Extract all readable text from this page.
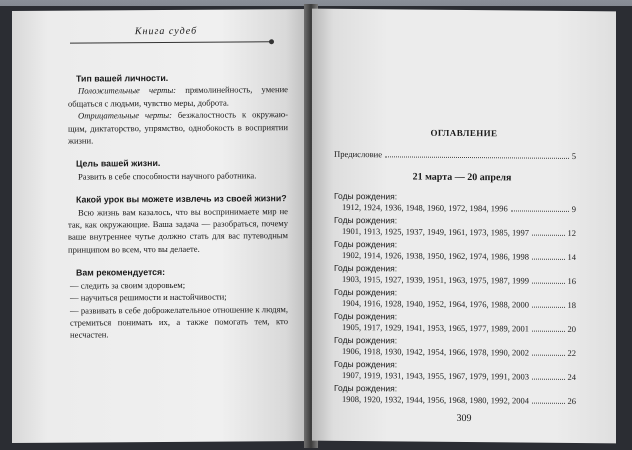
Книга судеб

Тип вашей личности.

Положительные черты: прямолинейность, умение общаться с людьми, чувство меры, доброта.

Отрицательные черты: безжалостность к окружающим, диктаторство, упрямство, однобокость в восприятии жизни.

Цель вашей жизни.

Развить в себе способности научного работника.

Какой урок вы можете извлечь из своей жизни?

Всю жизнь вам казалось, что вы воспринимаете мир не так, как окружающие. Ваша задача — разобраться, почему ваше внутреннее чутье должно стать для вас путеводным принципом во всем, что вы делаете.

Вам рекомендуется:

— следить за своим здоровьем;

— научиться решимости и настойчивости;

— развивать в себе доброжелательное отношение к людям, стремиться понимать их, а также помогать тем, кто несчастен.

ОГЛАВЛЕНИЕ
Предисловие	5
21 марта — 20 апреля
Годы рождения:
1912, 1924, 1936, 1948, 1960, 1972, 1984, 1996	9
Годы рождения:
1901, 1913, 1925, 1937, 1949, 1961, 1973, 1985, 1997	12
Годы рождения:
1902, 1914, 1926, 1938, 1950, 1962, 1974, 1986, 1998	14
Годы рождения:
1903, 1915, 1927, 1939, 1951, 1963, 1975, 1987, 1999	16
Годы рождения:
1904, 1916, 1928, 1940, 1952, 1964, 1976, 1988, 2000	18
Годы рождения:
1905, 1917, 1929, 1941, 1953, 1965, 1977, 1989, 2001	20
Годы рождения:
1906, 1918, 1930, 1942, 1954, 1966, 1978, 1990, 2002	22
Годы рождения:
1907, 1919, 1931, 1943, 1955, 1967, 1979, 1991, 2003	24
Годы рождения:
1908, 1920, 1932, 1944, 1956, 1968, 1980, 1992, 2004	26
309
